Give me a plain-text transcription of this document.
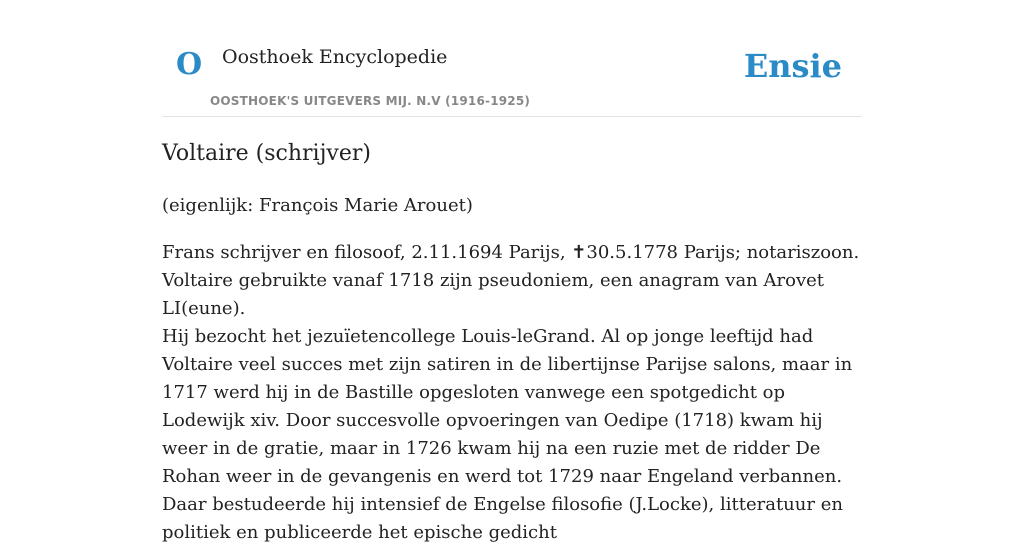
O Oosthoek Encyclopedie
OOSTHOEK'S UITGEVERS MIJ. N.V (1916-1925)
Ensie
Voltaire (schrijver)

(eigenlijk: François Marie Arouet)

Frans schrijver en filosoof, 2.11.1694 Parijs, ✝30.5.1778 Parijs; notariszoon. Voltaire gebruikte vanaf 1718 zijn pseudoniem, een anagram van Arovet LI(eune).

Hij bezocht het jezuïetencollege Louis-leGrand. Al op jonge leeftijd had Voltaire veel succes met zijn satiren in de libertijnse Parijse salons, maar in 1717 werd hij in de Bastille opgesloten vanwege een spotgedicht op Lodewijk xiv. Door succesvolle opvoeringen van Oedipe (1718) kwam hij weer in de gratie, maar in 1726 kwam hij na een ruzie met de ridder De Rohan weer in de gevangenis en werd tot 1729 naar Engeland verbannen. Daar bestudeerde hij intensief de Engelse filosofie (J.Locke), litteratuur en politiek en publiceerde het epische gedicht
